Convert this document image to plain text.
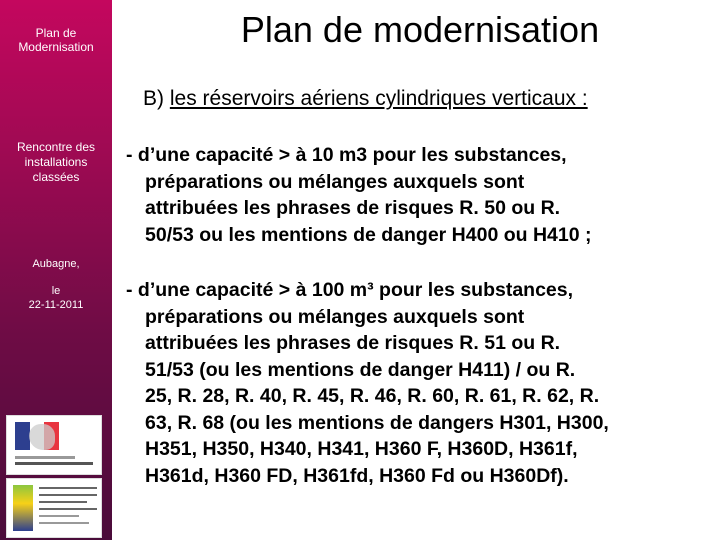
Plan de
Modernisation
Rencontre des
installations
classées
Aubagne,
le
22-11-2011
Plan de modernisation
B) les réservoirs aériens cylindriques verticaux :
- d’une capacité > à 10 m3 pour les substances,
préparations ou mélanges auxquels sont
attribuées les phrases de risques R. 50 ou R.
50/53 ou les mentions de danger H400 ou H410 ;
- d’une capacité > à 100 m³ pour les substances,
préparations ou mélanges auxquels sont
attribuées les phrases de risques R. 51 ou R.
51/53 (ou les mentions de danger H411) / ou R.
25, R. 28, R. 40, R. 45, R. 46, R. 60, R. 61, R. 62, R.
63, R. 68 (ou les mentions de dangers H301, H300,
H351, H350, H340, H341, H360 F, H360D, H361f,
H361d, H360 FD, H361fd, H360 Fd ou H360Df).
